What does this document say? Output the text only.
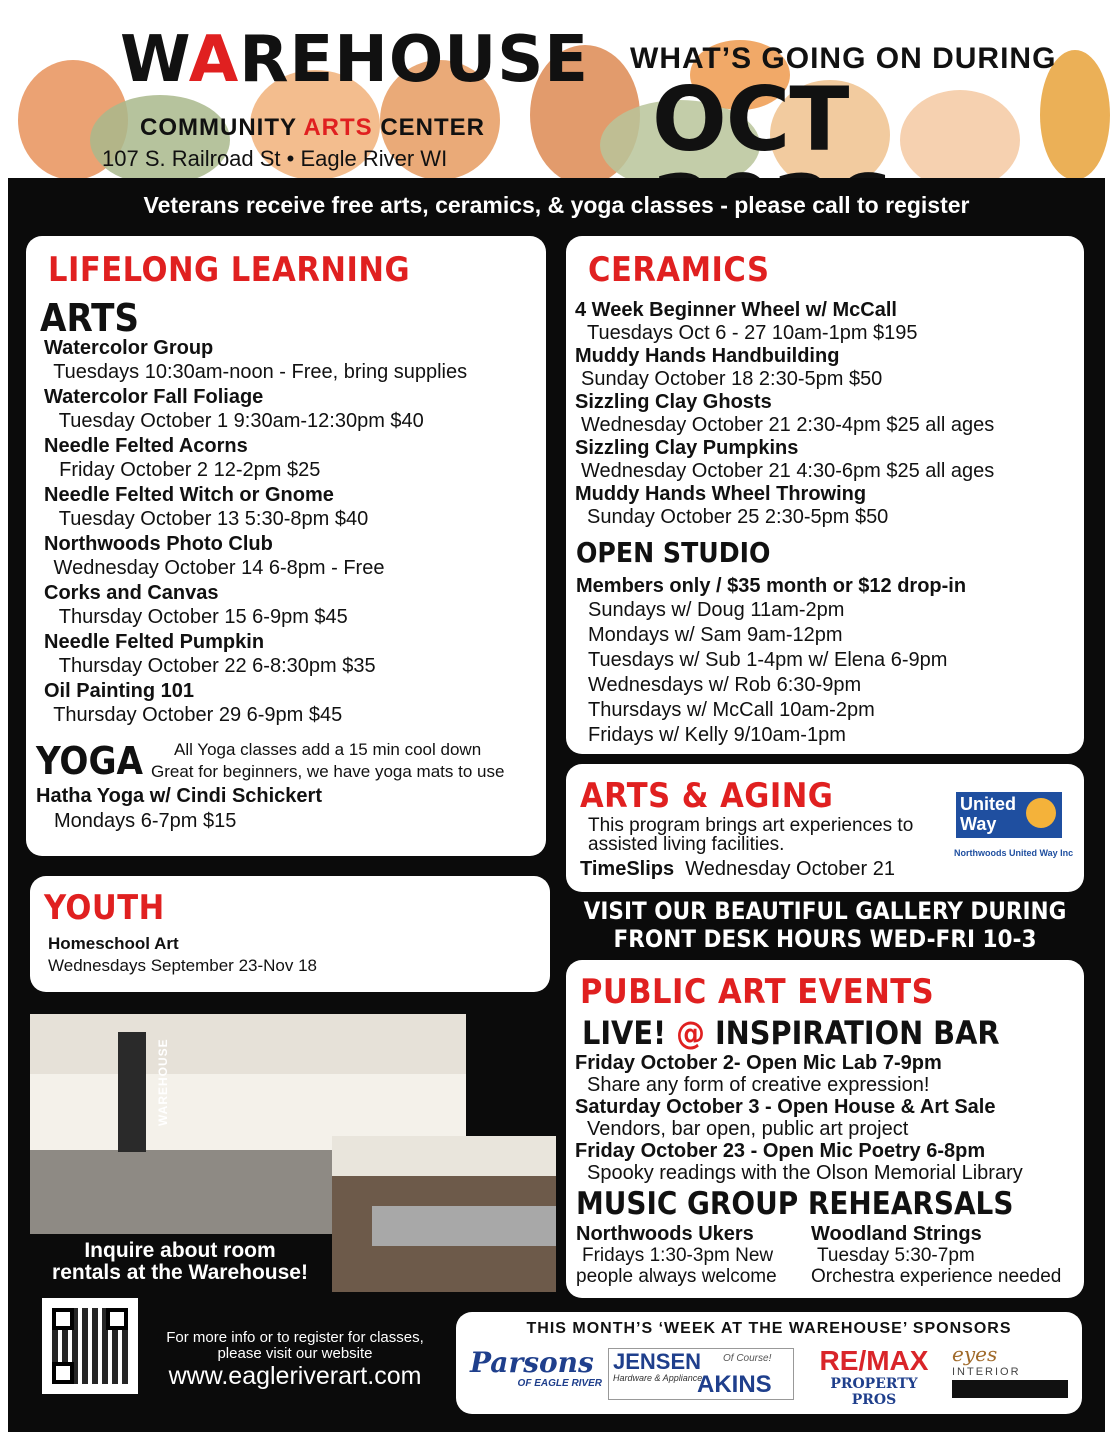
WAREHOUSE
COMMUNITY ARTS CENTER
107 S. Railroad St • Eagle River WI
WHAT’S GOING ON DURING
OCT
Veterans receive free arts, ceramics, & yoga classes - please call to register
LIFELONG LEARNING
ARTS
Watercolor Group
Tuesdays 10:30am-noon - Free, bring supplies
Watercolor Fall Foliage
Tuesday October 1 9:30am-12:30pm $40
Needle Felted Acorns
Friday October 2 12-2pm $25
Needle Felted Witch or Gnome
Tuesday October 13 5:30-8pm $40
Northwoods Photo Club
Wednesday October 14 6-8pm - Free
Corks and Canvas
Thursday October 15 6-9pm $45
Needle Felted Pumpkin
Thursday October 22 6-8:30pm $35
Oil Painting 101
Thursday October 29 6-9pm $45
YOGA All Yoga classes add a 15 min cool down
Great for beginners, we have yoga mats to use
Hatha Yoga w/ Cindi Schickert
Mondays 6-7pm $15
CERAMICS
4 Week Beginner Wheel w/ McCall
Tuesdays Oct 6 - 27 10am-1pm $195
Muddy Hands Handbuilding
Sunday October 18 2:30-5pm $50
Sizzling Clay Ghosts
Wednesday October 21 2:30-4pm $25 all ages
Sizzling Clay Pumpkins
Wednesday October 21 4:30-6pm $25 all ages
Muddy Hands Wheel Throwing
Sunday October 25 2:30-5pm $50
OPEN STUDIO
Members only / $35 month or $12 drop-in
Sundays w/ Doug 11am-2pm
Mondays w/ Sam 9am-12pm
Tuesdays w/ Sub 1-4pm w/ Elena 6-9pm
Wednesdays w/ Rob 6:30-9pm
Thursdays w/ McCall 10am-2pm
Fridays w/ Kelly 9/10am-1pm
ARTS & AGING
This program brings art experiences to
assisted living facilities.
TimeSlips Wednesday October 21
United
Way
Northwoods United Way Inc
YOUTH
Homeschool Art
Wednesdays September 23-Nov 18
VISIT OUR BEAUTIFUL GALLERY DURING
FRONT DESK HOURS WED-FRI 10-3
WAREHOUSE
Inquire about room
rentals at the Warehouse!
PUBLIC ART EVENTS
LIVE! @ INSPIRATION BAR
Friday October 2- Open Mic Lab 7-9pm
Share any form of creative expression!
Saturday October 3 - Open House & Art Sale
Vendors, bar open, public art project
Friday October 23 - Open Mic Poetry 6-8pm
Spooky readings with the Olson Memorial Library
MUSIC GROUP REHEARSALS
Northwoods Ukers
Fridays 1:30-3pm New
people always welcome
Woodland Strings
Tuesday 5:30-7pm
Orchestra experience needed
For more info or to register for classes,
please visit our website
www.eagleriverart.com
THIS MONTH’S ‘WEEK AT THE WAREHOUSE’ SPONSORS
Parsons
OF EAGLE RIVER
JENSEN
Hardware & Appliance
AKINS
Of Course!	RE/MAX
PROPERTY PROS
eyes
INTERIOR
